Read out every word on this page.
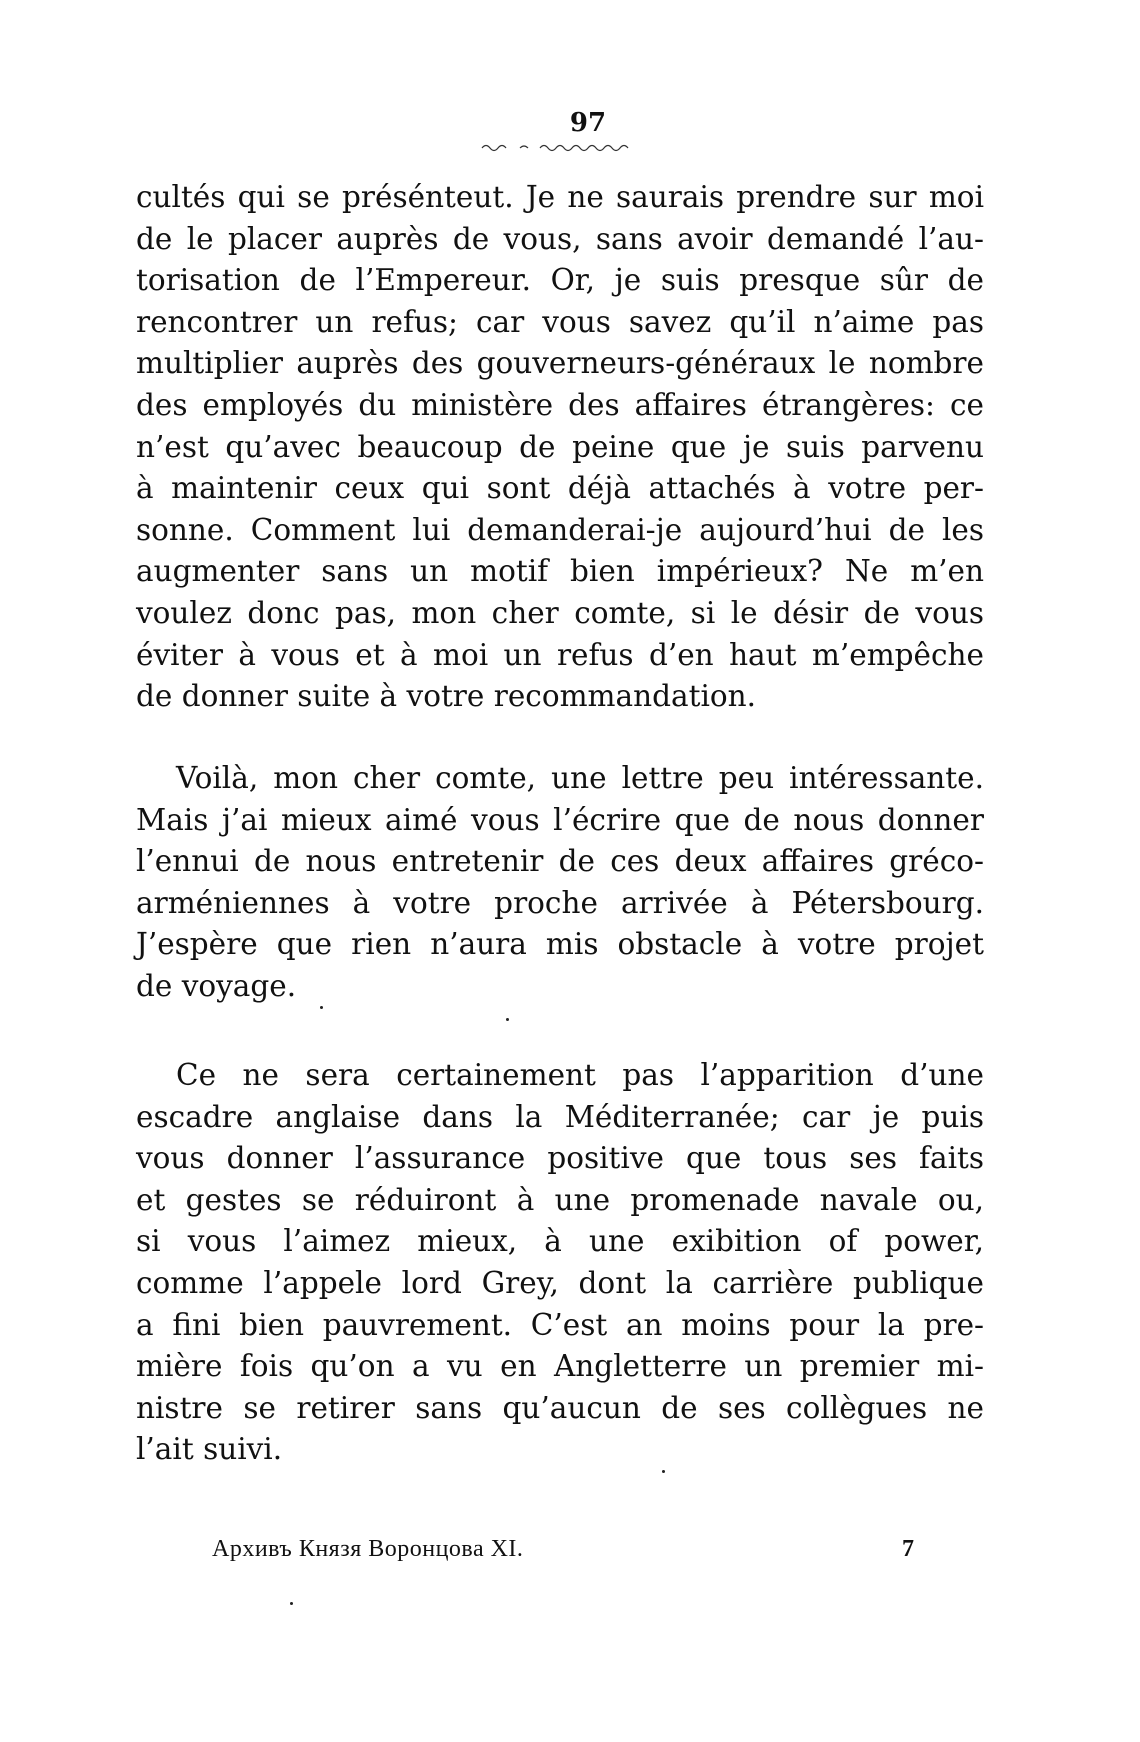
97
cultés qui se présénteut. Je ne saurais prendre sur moi
de le placer auprès de vous, sans avoir demandé l’au-
torisation de l’Empereur. Or, je suis presque sûr de
rencontrer un refus; car vous savez qu’il n’aime pas
multiplier auprès des gouverneurs-généraux le nombre
des employés du ministère des affaires étrangères: ce
n’est qu’avec beaucoup de peine que je suis parvenu
à maintenir ceux qui sont déjà attachés à votre per-
sonne. Comment lui demanderai-je aujourd’hui de les
augmenter sans un motif bien impérieux? Ne m’en
voulez donc pas, mon cher comte, si le désir de vous
éviter à vous et à moi un refus d’en haut m’empêche
de donner suite à votre recommandation.
Voilà, mon cher comte, une lettre peu intéressante.
Mais j’ai mieux aimé vous l’écrire que de nous donner
l’ennui de nous entretenir de ces deux affaires gréco-
arméniennes à votre proche arrivée à Pétersbourg.
J’espère que rien n’aura mis obstacle à votre projet
de voyage.
Ce ne sera certainement pas l’apparition d’une
escadre anglaise dans la Méditerranée; car je puis
vous donner l’assurance positive que tous ses faits
et gestes se réduiront à une promenade navale ou,
si vous l’aimez mieux, à une exibition of power,
comme l’appele lord Grey, dont la carrière publique
a fini bien pauvrement. C’est an moins pour la pre-
mière fois qu’on a vu en Angletterre un premier mi-
nistre se retirer sans qu’aucun de ses collègues ne
l’ait suivi.
Архивъ Князя Воронцова XI.	7
